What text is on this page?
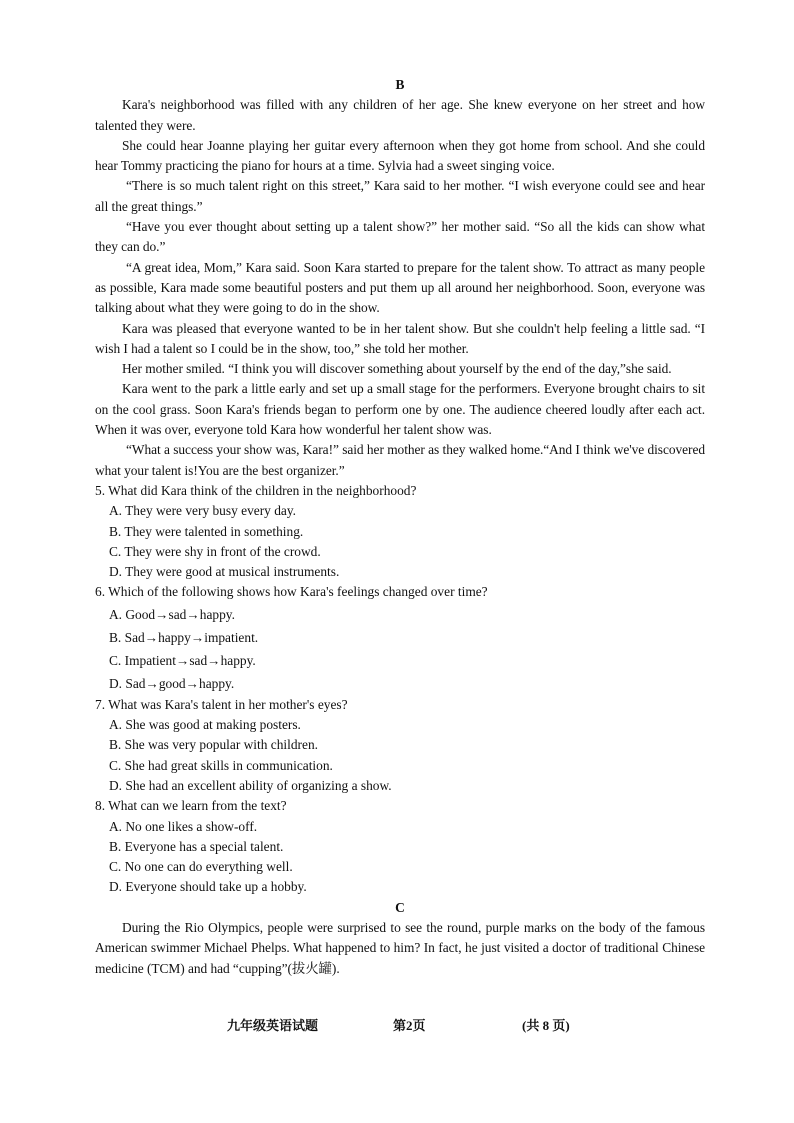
B

Kara's neighborhood was filled with any children of her age. She knew everyone on her street and how talented they were.

She could hear Joanne playing her guitar every afternoon when they got home from school. And she could hear Tommy practicing the piano for hours at a time. Sylvia had a sweet singing voice.

“There is so much talent right on this street,” Kara said to her mother. “I wish everyone could see and hear all the great things.”

“Have you ever thought about setting up a talent show?” her mother said. “So all the kids can show what they can do.”

“A great idea, Mom,” Kara said. Soon Kara started to prepare for the talent show. To attract as many people as possible, Kara made some beautiful posters and put them up all around her neighborhood. Soon, everyone was talking about what they were going to do in the show.

Kara was pleased that everyone wanted to be in her talent show. But she couldn't help feeling a little sad. “I wish I had a talent so I could be in the show, too,” she told her mother.

Her mother smiled. “I think you will discover something about yourself by the end of the day,”she said.

Kara went to the park a little early and set up a small stage for the performers. Everyone brought chairs to sit on the cool grass. Soon Kara's friends began to perform one by one. The audience cheered loudly after each act. When it was over, everyone told Kara how wonderful her talent show was.

“What a success your show was, Kara!” said her mother as they walked home.“And I think we've discovered what your talent is!You are the best organizer.”

5. What did Kara think of the children in the neighborhood?

A. They were very busy every day.

B. They were talented in something.

C. They were shy in front of the crowd.

D. They were good at musical instruments.

6. Which of the following shows how Kara's feelings changed over time?

A. Good→sad→happy.

B. Sad→happy→impatient.

C. Impatient→sad→happy.

D. Sad→good→happy.

7. What was Kara's talent in her mother's eyes?

A. She was good at making posters.

B. She was very popular with children.

C. She had great skills in communication.

D. She had an excellent ability of organizing a show.

8. What can we learn from the text?

A. No one likes a show-off.

B. Everyone has a special talent.

C. No one can do everything well.

D. Everyone should take up a hobby.

C

During the Rio Olympics, people were surprised to see the round, purple marks on the body of the famous American swimmer Michael Phelps. What happened to him? In fact, he just visited a doctor of traditional Chinese medicine (TCM) and had “cupping”(拔火罐).

九年级英语试题	第2页	(共 8 页)
